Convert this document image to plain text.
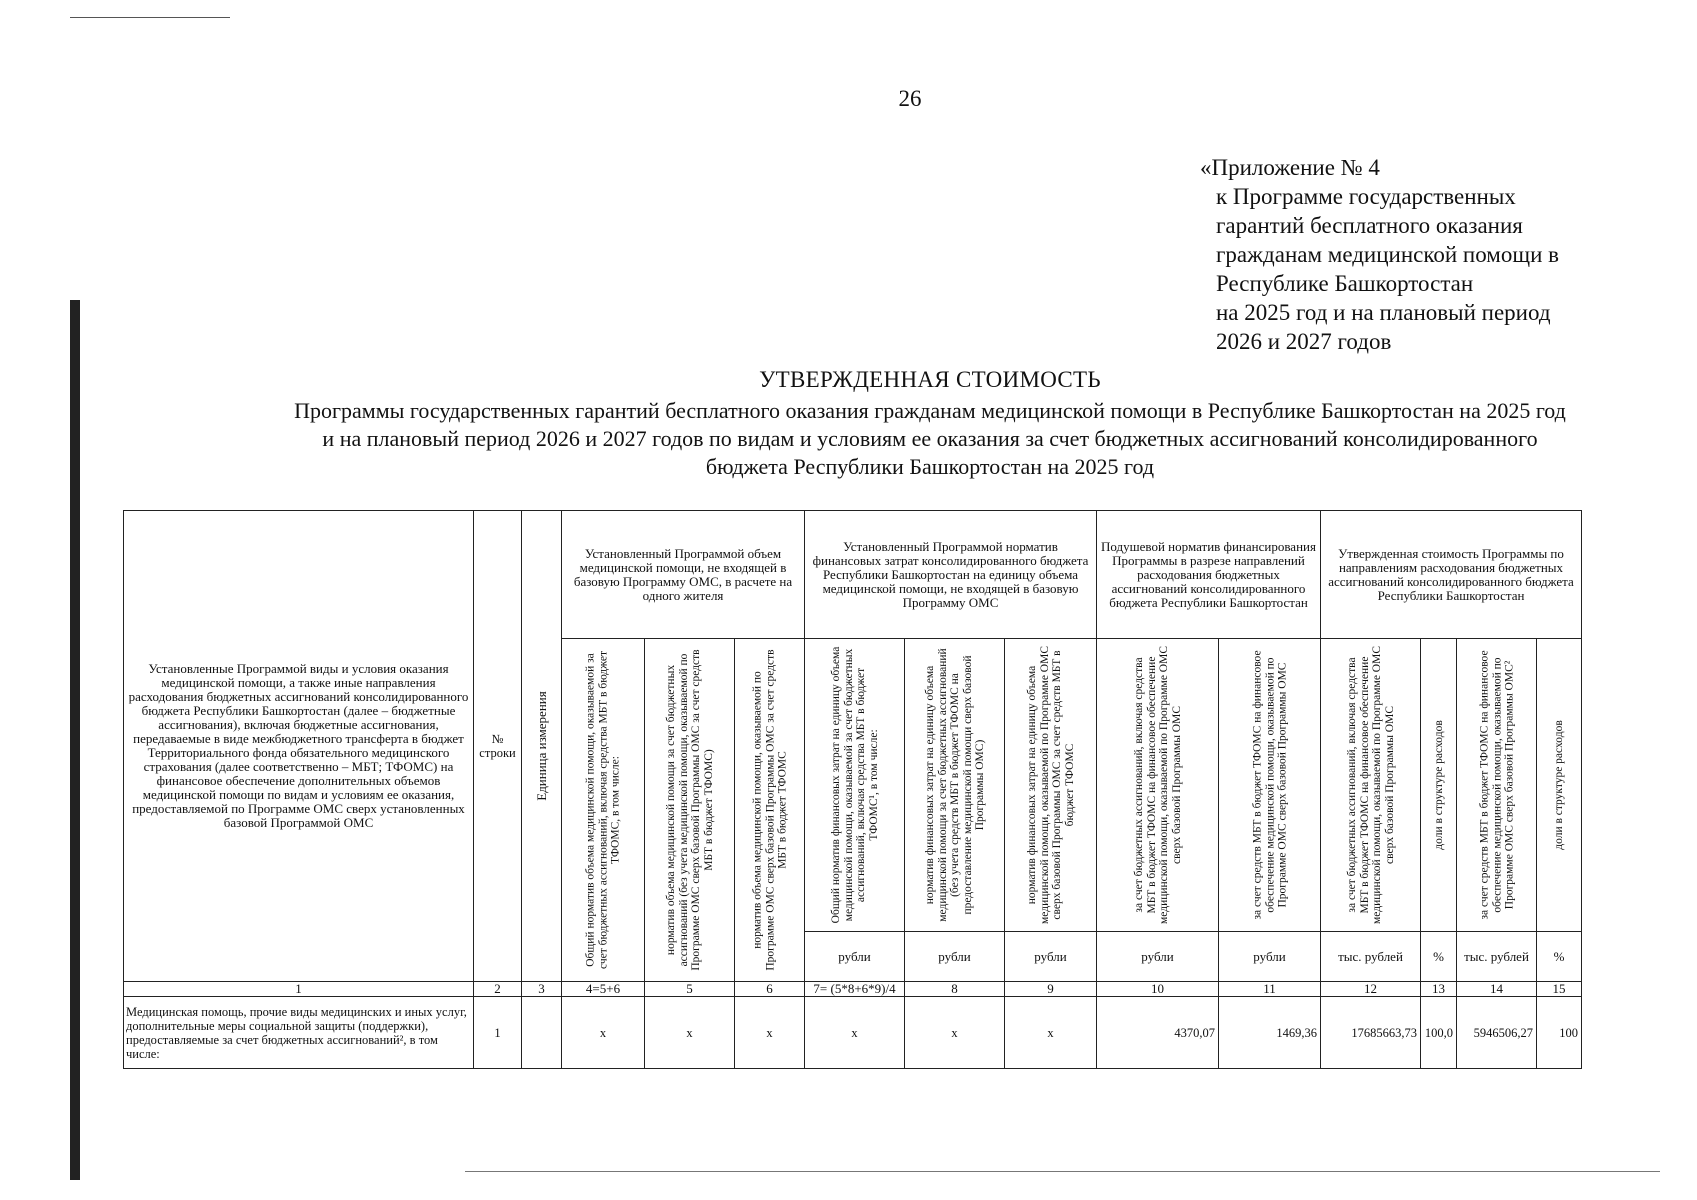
26
«Приложение № 4
к Программе государственных
гарантий бесплатного оказания
гражданам медицинской помощи в
Республике Башкортостан
на 2025 год и на плановый период
2026 и 2027 годов
УТВЕРЖДЕННАЯ СТОИМОСТЬ
Программы государственных гарантий бесплатного оказания гражданам медицинской помощи в Республике Башкортостан на 2025 год
и на плановый период 2026 и 2027 годов по видам и условиям ее оказания за счет бюджетных ассигнований консолидированного
бюджета Республики Башкортостан на 2025 год
Установленные Программой виды и условия оказания медицинской помощи, а также иные направления расходования бюджетных ассигнований консолидированного бюджета Республики Башкортостан (далее – бюджетные ассигнования), включая бюджетные ассигнования, передаваемые в виде межбюджетного трансферта в бюджет Территориального фонда обязательного медицинского страхования (далее соответственно – МБТ; ТФОМС) на финансовое обеспечение дополнительных объемов медицинской помощи по видам и условиям ее оказания, предоставляемой по Программе ОМС сверх установленных базовой Программой ОМС	№ строки	Единица измерения	Установленный Программой объем медицинской помощи, не входящей в базовую Программу ОМС, в расчете на одного жителя			Установленный Программой норматив финансовых затрат консолидированного бюджета Республики Башкортостан на единицу объема медицинской помощи, не входящей в базовую Программу ОМС			Подушевой норматив финансирования Программы в разрезе направлений расходования бюджетных ассигнований консолидированного бюджета Республики Башкортостан		Утвержденная стоимость Программы по направлениям расходования бюджетных ассигнований консолидированного бюджета Республики Башкортостан			

			Общий норматив объема медицинской помощи, оказываемой за счет бюджетных ассигнований, включая средства МБТ в бюджет ТФОМС, в том числе:	норматив объема медицинской помощи за счет бюджетных ассигнований (без учета медицинской помощи, оказываемой по Программе ОМС сверх базовой Программы ОМС за счет средств МБТ в бюджет ТФОМС)	норматив объема медицинской помощи, оказываемой по Программе ОМС сверх базовой Программы ОМС за счет средств МБТ в бюджет ТФОМС	Общий норматив финансовых затрат на единицу объема медицинской помощи, оказываемой за счет бюджетных ассигнований, включая средства МБТ в бюджет ТФОМС¹, в том числе:	норматив финансовых затрат на единицу объема медицинской помощи за счет бюджетных ассигнований (без учета средств МБТ в бюджет ТФОМС на предоставление медицинской помощи сверх базовой Программы ОМС)	норматив финансовых затрат на единицу объема медицинской помощи, оказываемой по Программе ОМС сверх базовой Программы ОМС за счет средств МБТ в бюджет ТФОМС	за счет бюджетных ассигнований, включая средства МБТ в бюджет ТФОМС на финансовое обеспечение медицинской помощи, оказываемой по Программе ОМС сверх базовой Программы ОМС	за счет средств МБТ в бюджет ТФОМС на финансовое обеспечение медицинской помощи, оказываемой по Программе ОМС сверх базовой Программы ОМС	за счет бюджетных ассигнований, включая средства МБТ в бюджет ТФОМС на финансовое обеспечение медицинской помощи, оказываемой по Программе ОМС сверх базовой Программы ОМС	доли в структуре расходов	за счет средств МБТ в бюджет ТФОМС на финансовое обеспечение медицинской помощи, оказываемой по Программе ОМС сверх базовой Программы ОМС²	доли в структуре расходов

						рубли	рубли	рубли	рубли	рубли	тыс. рублей	%	тыс. рублей	%
1	2	3	4=5+6	5	6	7= (5*8+6*9)/4	8	9	10	11	12	13	14	15
Медицинская помощь, прочие виды медицинских и иных услуг, дополнительные меры социальной защиты (поддержки), предоставляемые за счет бюджетных ассигнований², в том числе:	1		x	x	x	x	x	x	4370,07	1469,36	17685663,73	100,0	5946506,27	100
